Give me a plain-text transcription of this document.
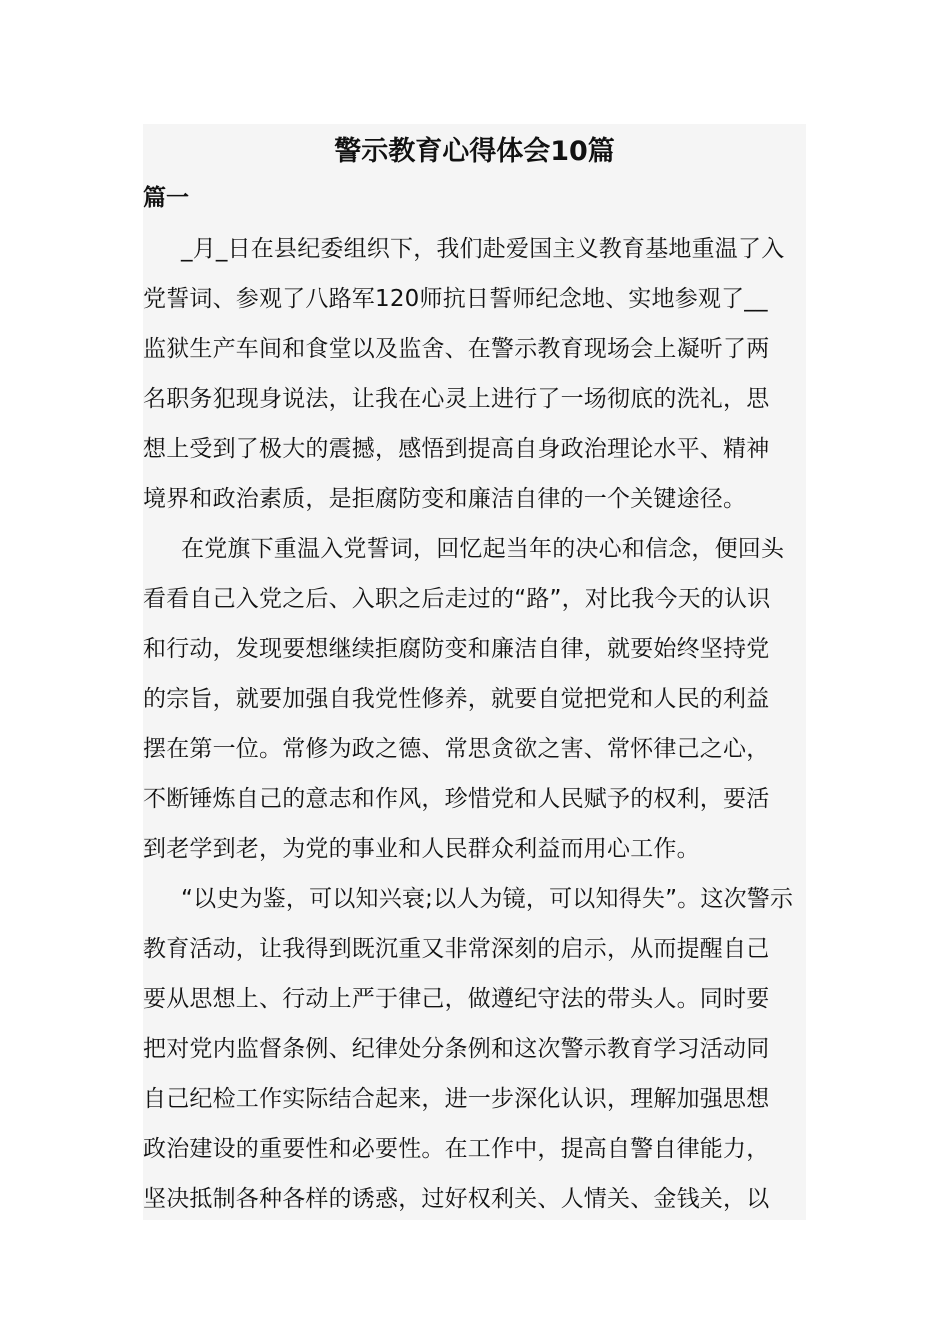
警示教育心得体会10篇
篇一
_月_日在县纪委组织下，我们赴爱国主义教育基地重温了入
党誓词、参观了八路军120师抗日誓师纪念地、实地参观了__
监狱生产车间和食堂以及监舍、在警示教育现场会上凝听了两
名职务犯现身说法，让我在心灵上进行了一场彻底的洗礼，思
想上受到了极大的震撼，感悟到提高自身政治理论水平、精神
境界和政治素质，是拒腐防变和廉洁自律的一个关键途径。
在党旗下重温入党誓词，回忆起当年的决心和信念，便回头
看看自己入党之后、入职之后走过的“路”，对比我今天的认识
和行动，发现要想继续拒腐防变和廉洁自律，就要始终坚持党
的宗旨，就要加强自我党性修养，就要自觉把党和人民的利益
摆在第一位。常修为政之德、常思贪欲之害、常怀律己之心，
不断锤炼自己的意志和作风，珍惜党和人民赋予的权利，要活
到老学到老，为党的事业和人民群众利益而用心工作。
“以史为鉴，可以知兴衰;以人为镜，可以知得失”。这次警示
教育活动，让我得到既沉重又非常深刻的启示，从而提醒自己
要从思想上、行动上严于律己，做遵纪守法的带头人。同时要
把对党内监督条例、纪律处分条例和这次警示教育学习活动同
自己纪检工作实际结合起来，进一步深化认识，理解加强思想
政治建设的重要性和必要性。在工作中，提高自警自律能力，
坚决抵制各种各样的诱惑，过好权利关、人情关、金钱关，以
